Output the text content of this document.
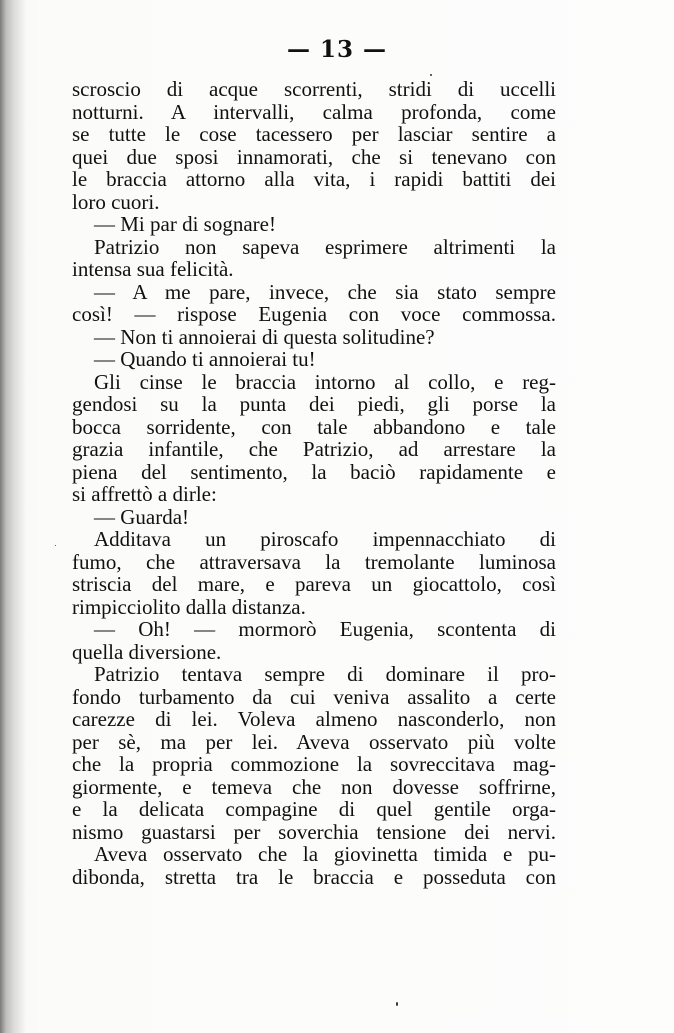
— 13 —
scroscio di acque scorrenti, stridi di uccelli
notturni. A intervalli, calma profonda, come
se tutte le cose tacessero per lasciar sentire a
quei due sposi innamorati, che si tenevano con
le braccia attorno alla vita, i rapidi battiti dei
loro cuori.
— Mi par di sognare!
Patrizio non sapeva esprimere altrimenti la
intensa sua felicità.
— A me pare, invece, che sia stato sempre
così! — rispose Eugenia con voce commossa.
— Non ti annoierai di questa solitudine?
— Quando ti annoierai tu!
Gli cinse le braccia intorno al collo, e reg-
gendosi su la punta dei piedi, gli porse la
bocca sorridente, con tale abbandono e tale
grazia infantile, che Patrizio, ad arrestare la
piena del sentimento, la baciò rapidamente e
si affrettò a dirle:
— Guarda!
Additava un piroscafo impennacchiato di
fumo, che attraversava la tremolante luminosa
striscia del mare, e pareva un giocattolo, così
rimpicciolito dalla distanza.
— Oh! — mormorò Eugenia, scontenta di
quella diversione.
Patrizio tentava sempre di dominare il pro-
fondo turbamento da cui veniva assalito a certe
carezze di lei. Voleva almeno nasconderlo, non
per sè, ma per lei. Aveva osservato più volte
che la propria commozione la sovreccitava mag-
giormente, e temeva che non dovesse soffrirne,
e la delicata compagine di quel gentile orga-
nismo guastarsi per soverchia tensione dei nervi.
Aveva osservato che la giovinetta timida e pu-
dibonda, stretta tra le braccia e posseduta con
